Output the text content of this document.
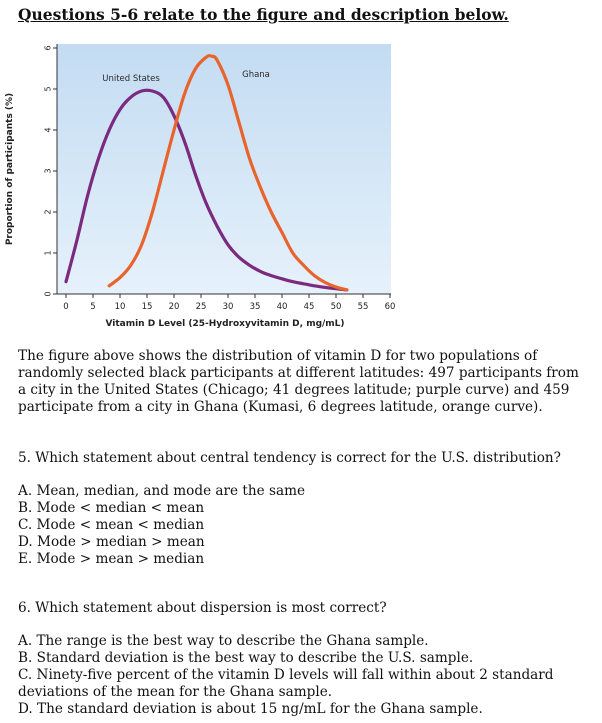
Questions 5-6 relate to the figure and description below.
0
1
2
3
4
5
6
0	5 10 15 20 25 30 35 40 45 50 55 60
United States	Ghana
Vitamin D Level (25-Hydroxyvitamin D, mg/mL)
Proportion of participants (%)

The figure above shows the distribution of vitamin D for two populations of randomly selected black participants at different latitudes: 497 participants from a city in the United States (Chicago; 41 degrees latitude; purple curve) and 459 participate from a city in Ghana (Kumasi, 6 degrees latitude, orange curve).

5. Which statement about central tendency is correct for the U.S. distribution?

A. Mean, median, and mode are the same
B. Mode < median < mean
C. Mode < mean < median
D. Mode > median > mean
E. Mode > mean > median

6. Which statement about dispersion is most correct?

A. The range is the best way to describe the Ghana sample.
B. Standard deviation is the best way to describe the U.S. sample.
C. Ninety-five percent of the vitamin D levels will fall within about 2 standard deviations of the mean for the Ghana sample.
D. The standard deviation is about 15 ng/mL for the Ghana sample.
